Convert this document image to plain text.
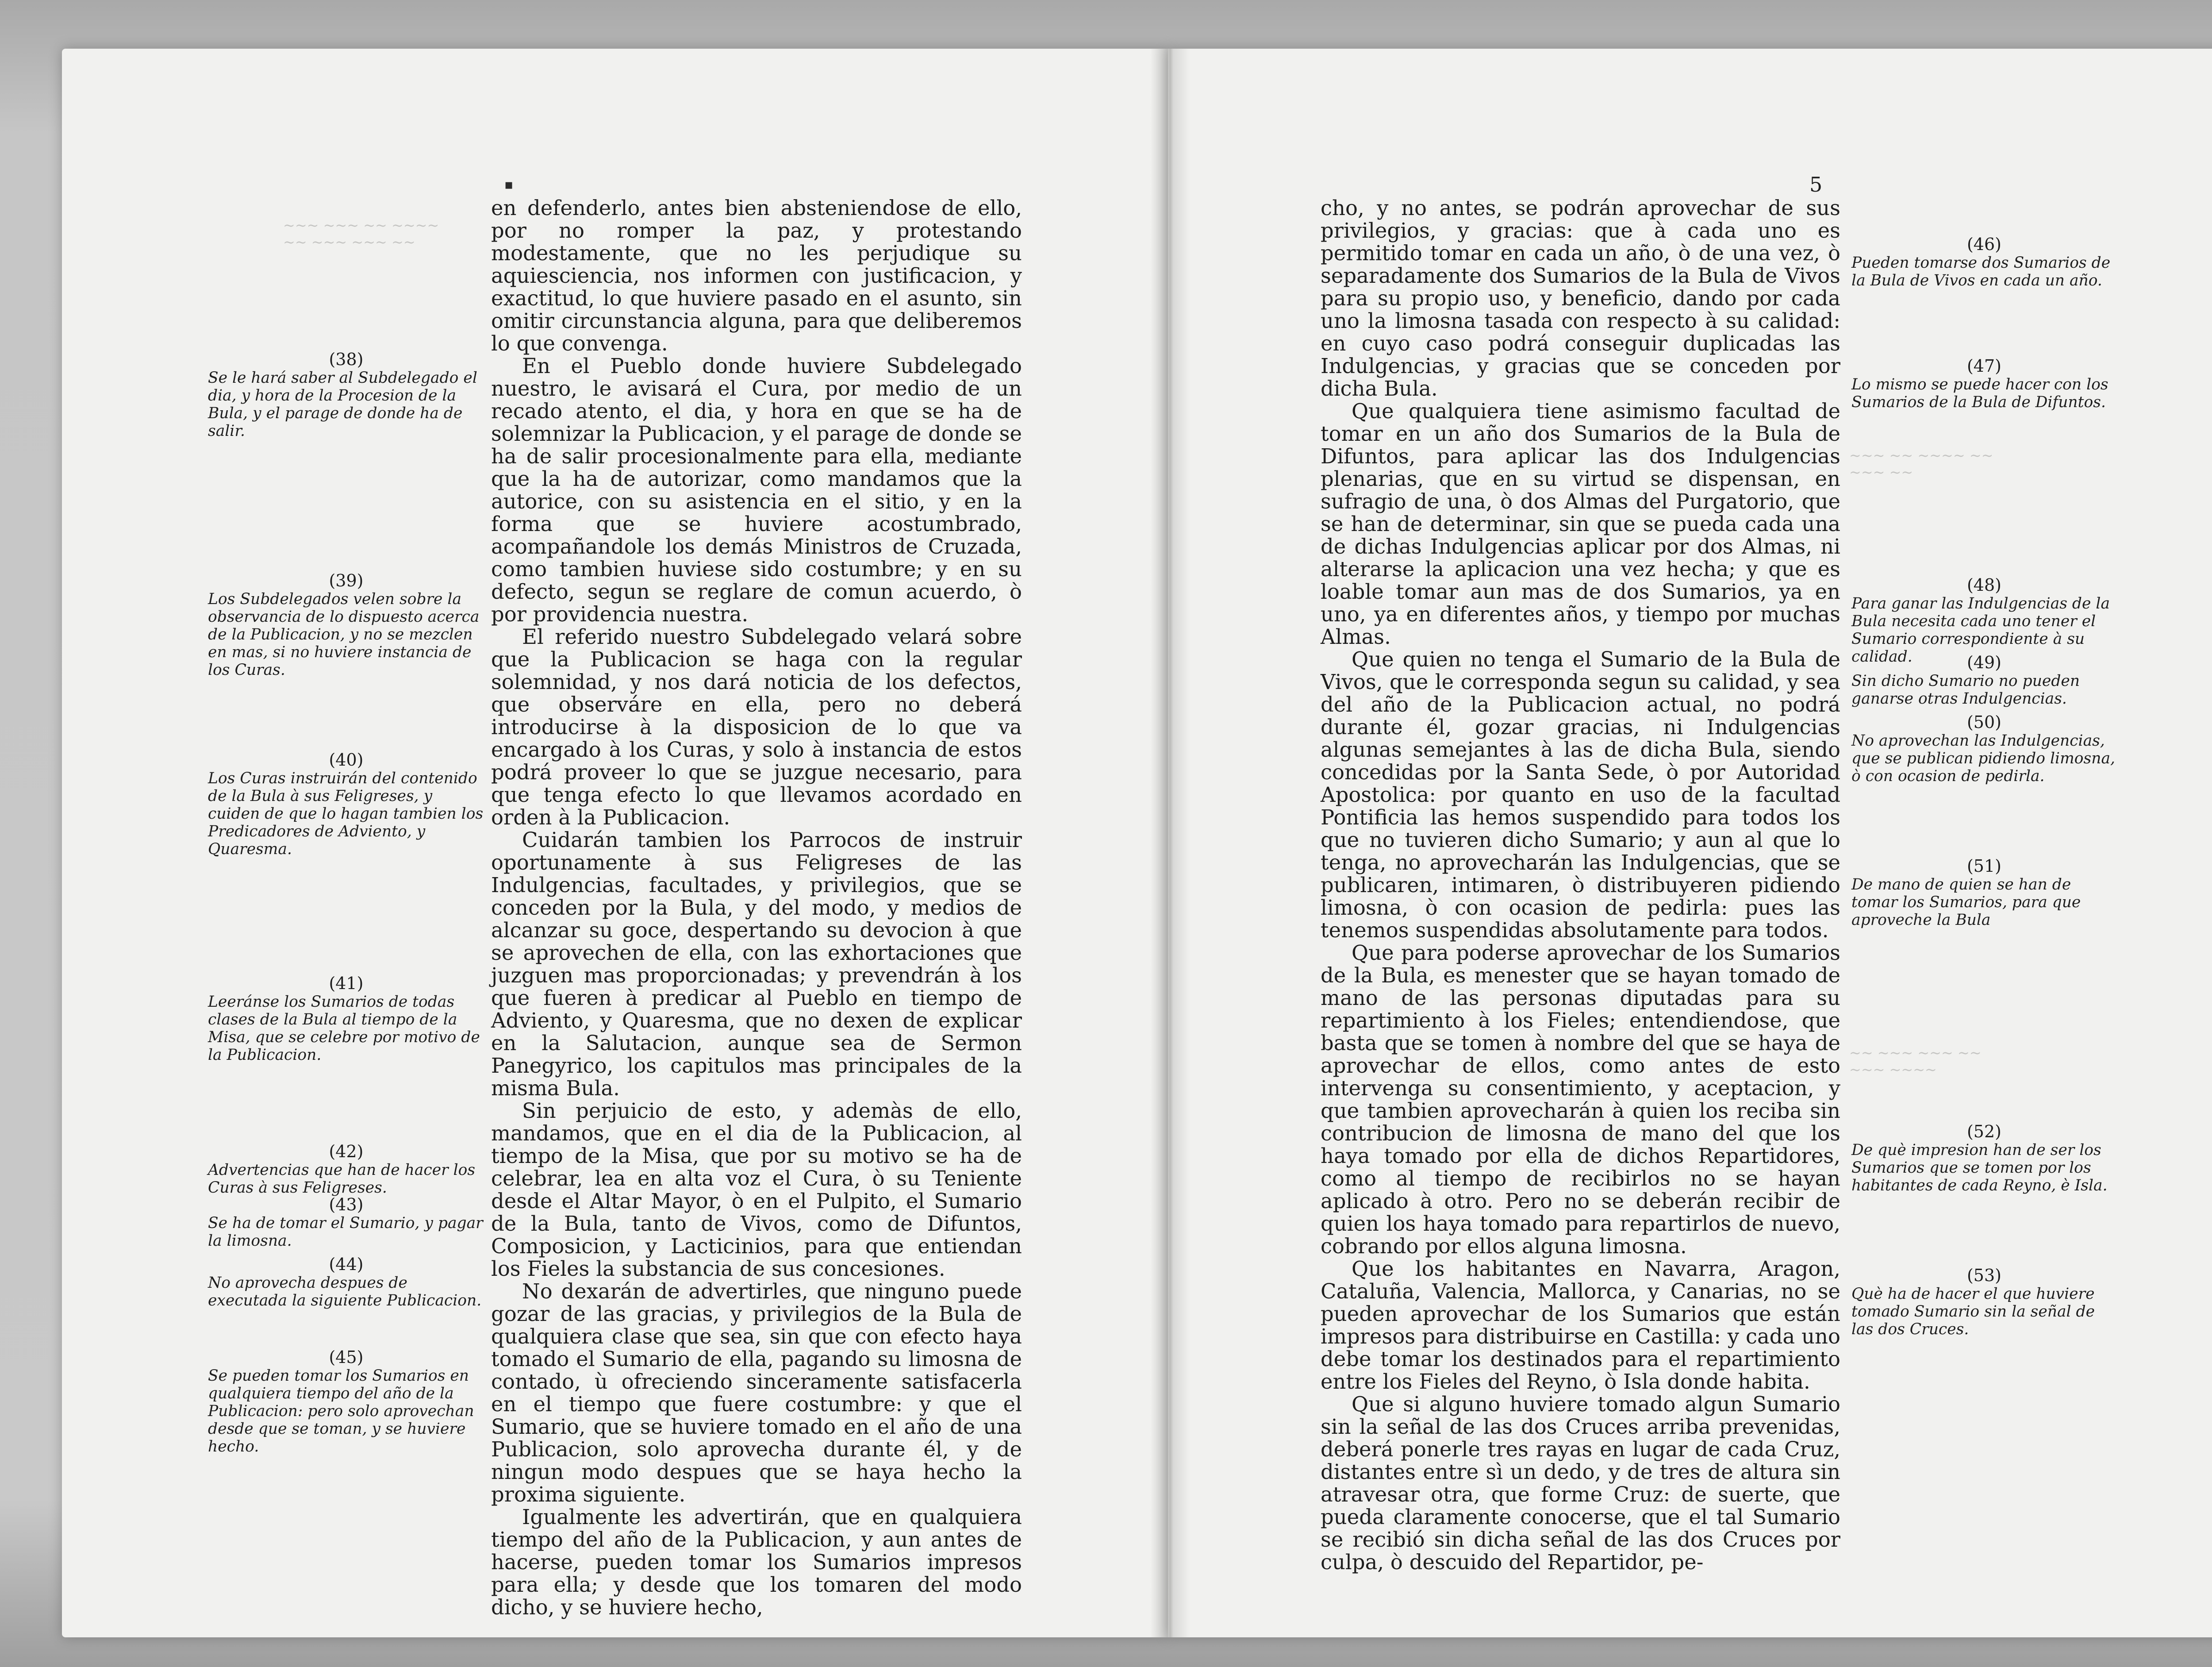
~~~ ~~~ ~~ ~~~~
~~ ~~~ ~~~ ~~
~~~ ~~ ~~~~ ~~
~~~ ~~
~~ ~~~ ~~~ ~~
~~~ ~~~~
▪

en defenderlo, antes bien absteniendose de ello, por no romper la paz, y protestando modestamente, que no les perjudique su aquiesciencia, nos informen con justificacion, y exactitud, lo que huviere pasado en el asunto, sin omitir circunstancia alguna, para que deliberemos lo que convenga.

En el Pueblo donde huviere Subdelegado nuestro, le avisará el Cura, por medio de un recado atento, el dia, y hora en que se ha de solemnizar la Publicacion, y el parage de donde se ha de salir procesionalmente para ella, mediante que la ha de autorizar, como mandamos que la autorice, con su asistencia en el sitio, y en la forma que se huviere acostumbrado, acompañandole los demás Ministros de Cruzada, como tambien huviese sido costumbre; y en su defecto, segun se reglare de comun acuerdo, ò por providencia nuestra.

El referido nuestro Subdelegado velará sobre que la Publicacion se haga con la regular solemnidad, y nos dará noticia de los defectos, que observáre en ella, pero no deberá introducirse à la disposicion de lo que va encargado à los Curas, y solo à instancia de estos podrá proveer lo que se juzgue necesario, para que tenga efecto lo que llevamos acordado en orden à la Publicacion.

Cuidarán tambien los Parrocos de instruir oportunamente à sus Feligreses de las Indulgencias, facultades, y privilegios, que se conceden por la Bula, y del modo, y medios de alcanzar su goce, despertando su devocion à que se aprovechen de ella, con las exhortaciones que juzguen mas proporcionadas; y prevendrán à los que fueren à predicar al Pueblo en tiempo de Adviento, y Quaresma, que no dexen de explicar en la Salutacion, aunque sea de Sermon Panegyrico, los capitulos mas principales de la misma Bula.

Sin perjuicio de esto, y ademàs de ello, mandamos, que en el dia de la Publicacion, al tiempo de la Misa, que por su motivo se ha de celebrar, lea en alta voz el Cura, ò su Teniente desde el Altar Mayor, ò en el Pulpito, el Sumario de la Bula, tanto de Vivos, como de Difuntos, Composicion, y Lacticinios, para que entiendan los Fieles la substancia de sus concesiones.

No dexarán de advertirles, que ninguno puede gozar de las gracias, y privilegios de la Bula de qualquiera clase que sea, sin que con efecto haya tomado el Sumario de ella, pagando su limosna de contado, ù ofreciendo sinceramente satisfacerla en el tiempo que fuere costumbre: y que el Sumario, que se huviere tomado en el año de una Publicacion, solo aprovecha durante él, y de ningun modo despues que se haya hecho la proxima siguiente.

Igualmente les advertirán, que en qualquiera tiempo del año de la Publicacion, y aun antes de hacerse, pueden tomar los Sumarios impresos para ella; y desde que los tomaren del modo dicho, y se huviere hecho,

(38)
Se le hará saber al Subdelegado el dia, y hora de la Procesion de la Bula, y el parage de donde ha de salir.
(39)
Los Subdelegados velen sobre la observancia de lo dispuesto acerca de la Publicacion, y no se mezclen en mas, si no huviere instancia de los Curas.
(40)
Los Curas instruirán del contenido de la Bula à sus Feligreses, y cuiden de que lo hagan tambien los Predicadores de Adviento, y Quaresma.
(41)
Leeránse los Sumarios de todas clases de la Bula al tiempo de la Misa, que se celebre por motivo de la Publicacion.
(42)
Advertencias que han de hacer los Curas à sus Feligreses.
(43)
Se ha de tomar el Sumario, y pagar la limosna.
(44)
No aprovecha despues de executada la siguiente Publicacion.
(45)
Se pueden tomar los Sumarios en qualquiera tiempo del año de la Publicacion: pero solo aprovechan desde que se toman, y se huviere hecho.
5

cho, y no antes, se podrán aprovechar de sus privilegios, y gracias: que à cada uno es permitido tomar en cada un año, ò de una vez, ò separadamente dos Sumarios de la Bula de Vivos para su propio uso, y beneficio, dando por cada uno la limosna tasada con respecto à su calidad: en cuyo caso podrá conseguir duplicadas las Indulgencias, y gracias que se conceden por dicha Bula.

Que qualquiera tiene asimismo facultad de tomar en un año dos Sumarios de la Bula de Difuntos, para aplicar las dos Indulgencias plenarias, que en su virtud se dispensan, en sufragio de una, ò dos Almas del Purgatorio, que se han de determinar, sin que se pueda cada una de dichas Indulgencias aplicar por dos Almas, ni alterarse la aplicacion una vez hecha; y que es loable tomar aun mas de dos Sumarios, ya en uno, ya en diferentes años, y tiempo por muchas Almas.

Que quien no tenga el Sumario de la Bula de Vivos, que le corresponda segun su calidad, y sea del año de la Publicacion actual, no podrá durante él, gozar gracias, ni Indulgencias algunas semejantes à las de dicha Bula, siendo concedidas por la Santa Sede, ò por Autoridad Apostolica: por quanto en uso de la facultad Pontificia las hemos suspendido para todos los que no tuvieren dicho Sumario; y aun al que lo tenga, no aprovecharán las Indulgencias, que se publicaren, intimaren, ò distribuyeren pidiendo limosna, ò con ocasion de pedirla: pues las tenemos suspendidas absolutamente para todos.

Que para poderse aprovechar de los Sumarios de la Bula, es menester que se hayan tomado de mano de las personas diputadas para su repartimiento à los Fieles; entendiendose, que basta que se tomen à nombre del que se haya de aprovechar de ellos, como antes de esto intervenga su consentimiento, y aceptacion, y que tambien aprovecharán à quien los reciba sin contribucion de limosna de mano del que los haya tomado por ella de dichos Repartidores, como al tiempo de recibirlos no se hayan aplicado à otro. Pero no se deberán recibir de quien los haya tomado para repartirlos de nuevo, cobrando por ellos alguna limosna.

Que los habitantes en Navarra, Aragon, Cataluña, Valencia, Mallorca, y Canarias, no se pueden aprovechar de los Sumarios que están impresos para distribuirse en Castilla: y cada uno debe tomar los destinados para el repartimiento entre los Fieles del Reyno, ò Isla donde habita.

Que si alguno huviere tomado algun Sumario sin la señal de las dos Cruces arriba prevenidas, deberá ponerle tres rayas en lugar de cada Cruz, distantes entre sì un dedo, y de tres de altura sin atravesar otra, que forme Cruz: de suerte, que pueda claramente conocerse, que el tal Sumario se recibió sin dicha señal de las dos Cruces por culpa, ò descuido del Repartidor, pe-

(46)
Pueden tomarse dos Sumarios de la Bula de Vivos en cada un año.
(47)
Lo mismo se puede hacer con los Sumarios de la Bula de Difuntos.
(48)
Para ganar las Indulgencias de la Bula necesita cada uno tener el Sumario correspondiente à su calidad.	(49)
Sin dicho Sumario no pueden ganarse otras Indulgencias.
(50)
No aprovechan las Indulgencias, que se publican pidiendo limosna, ò con ocasion de pedirla.
(51)
De mano de quien se han de tomar los Sumarios, para que aproveche la Bula
(52)
De què impresion han de ser los Sumarios que se tomen por los habitantes de cada Reyno, è Isla.
(53)
Què ha de hacer el que huviere tomado Sumario sin la señal de las dos Cruces.
